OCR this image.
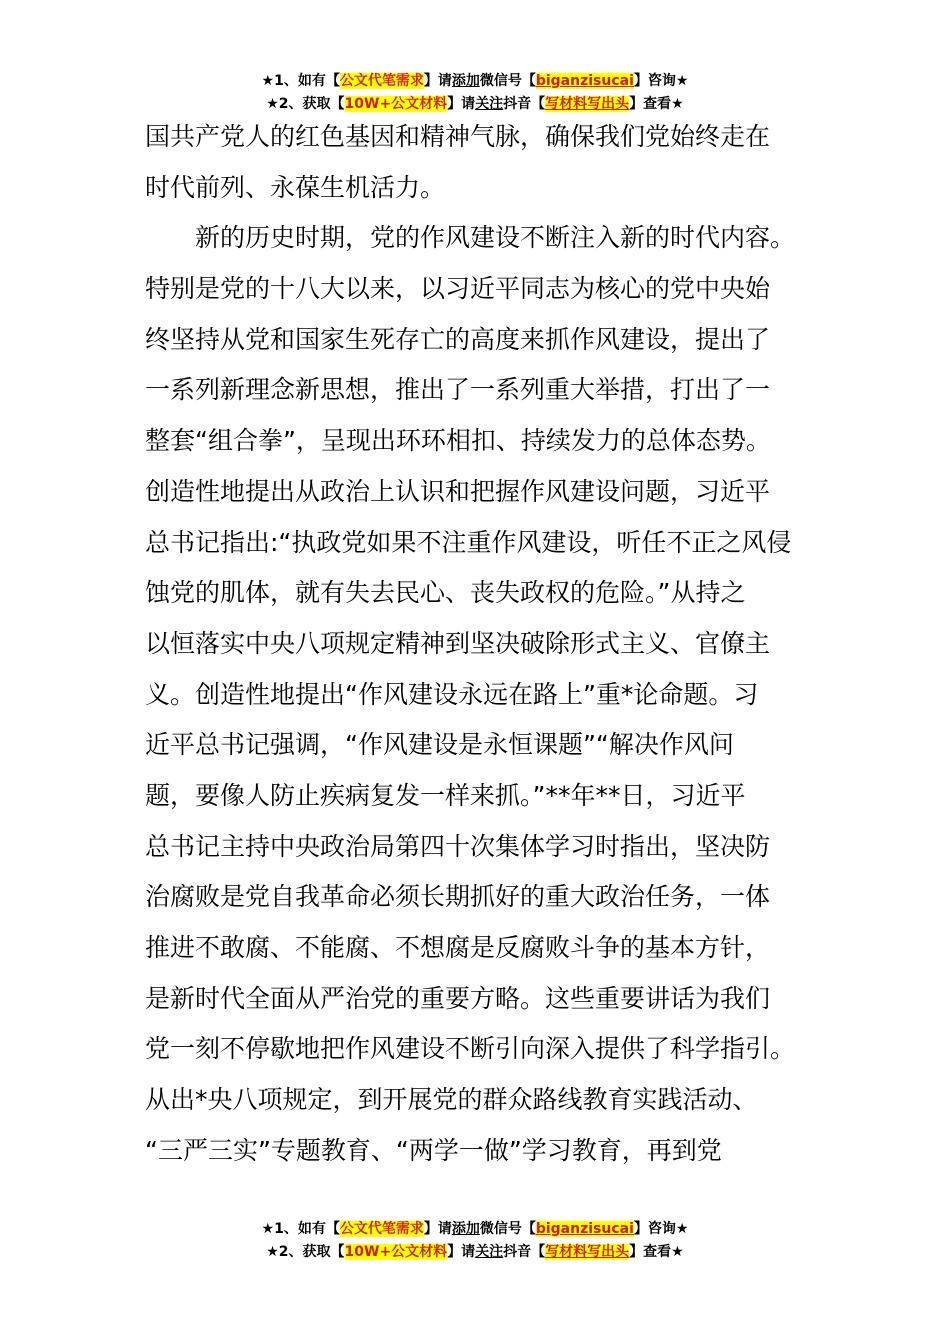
★1、如有【公文代笔需求】请添加微信号【biganzisucai】咨询★
★2、获取【10W+公文材料】请关注抖音【写材料写出头】查看★
国共产党人的红色基因和精神气脉，确保我们党始终走在
时代前列、永葆生机活力。
新的历史时期，党的作风建设不断注入新的时代内容。
特别是党的十八大以来，以习近平同志为核心的党中央始
终坚持从党和国家生死存亡的高度来抓作风建设，提出了
一系列新理念新思想，推出了一系列重大举措，打出了一
整套“组合拳”，呈现出环环相扣、持续发力的总体态势。
创造性地提出从政治上认识和把握作风建设问题，习近平
总书记指出:“执政党如果不注重作风建设，听任不正之风侵
蚀党的肌体，就有失去民心、丧失政权的危险。”从持之
以恒落实中央八项规定精神到坚决破除形式主义、官僚主
义。创造性地提出“作风建设永远在路上”重*论命题。习
近平总书记强调，“作风建设是永恒课题”“解决作风问
题，要像人防止疾病复发一样来抓。”**年**日，习近平
总书记主持中央政治局第四十次集体学习时指出，坚决防
治腐败是党自我革命必须长期抓好的重大政治任务，一体
推进不敢腐、不能腐、不想腐是反腐败斗争的基本方针，
是新时代全面从严治党的重要方略。这些重要讲话为我们
党一刻不停歇地把作风建设不断引向深入提供了科学指引。
从出*央八项规定，到开展党的群众路线教育实践活动、
“三严三实”专题教育、“两学一做”学习教育，再到党
★1、如有【公文代笔需求】请添加微信号【biganzisucai】咨询★
★2、获取【10W+公文材料】请关注抖音【写材料写出头】查看★
